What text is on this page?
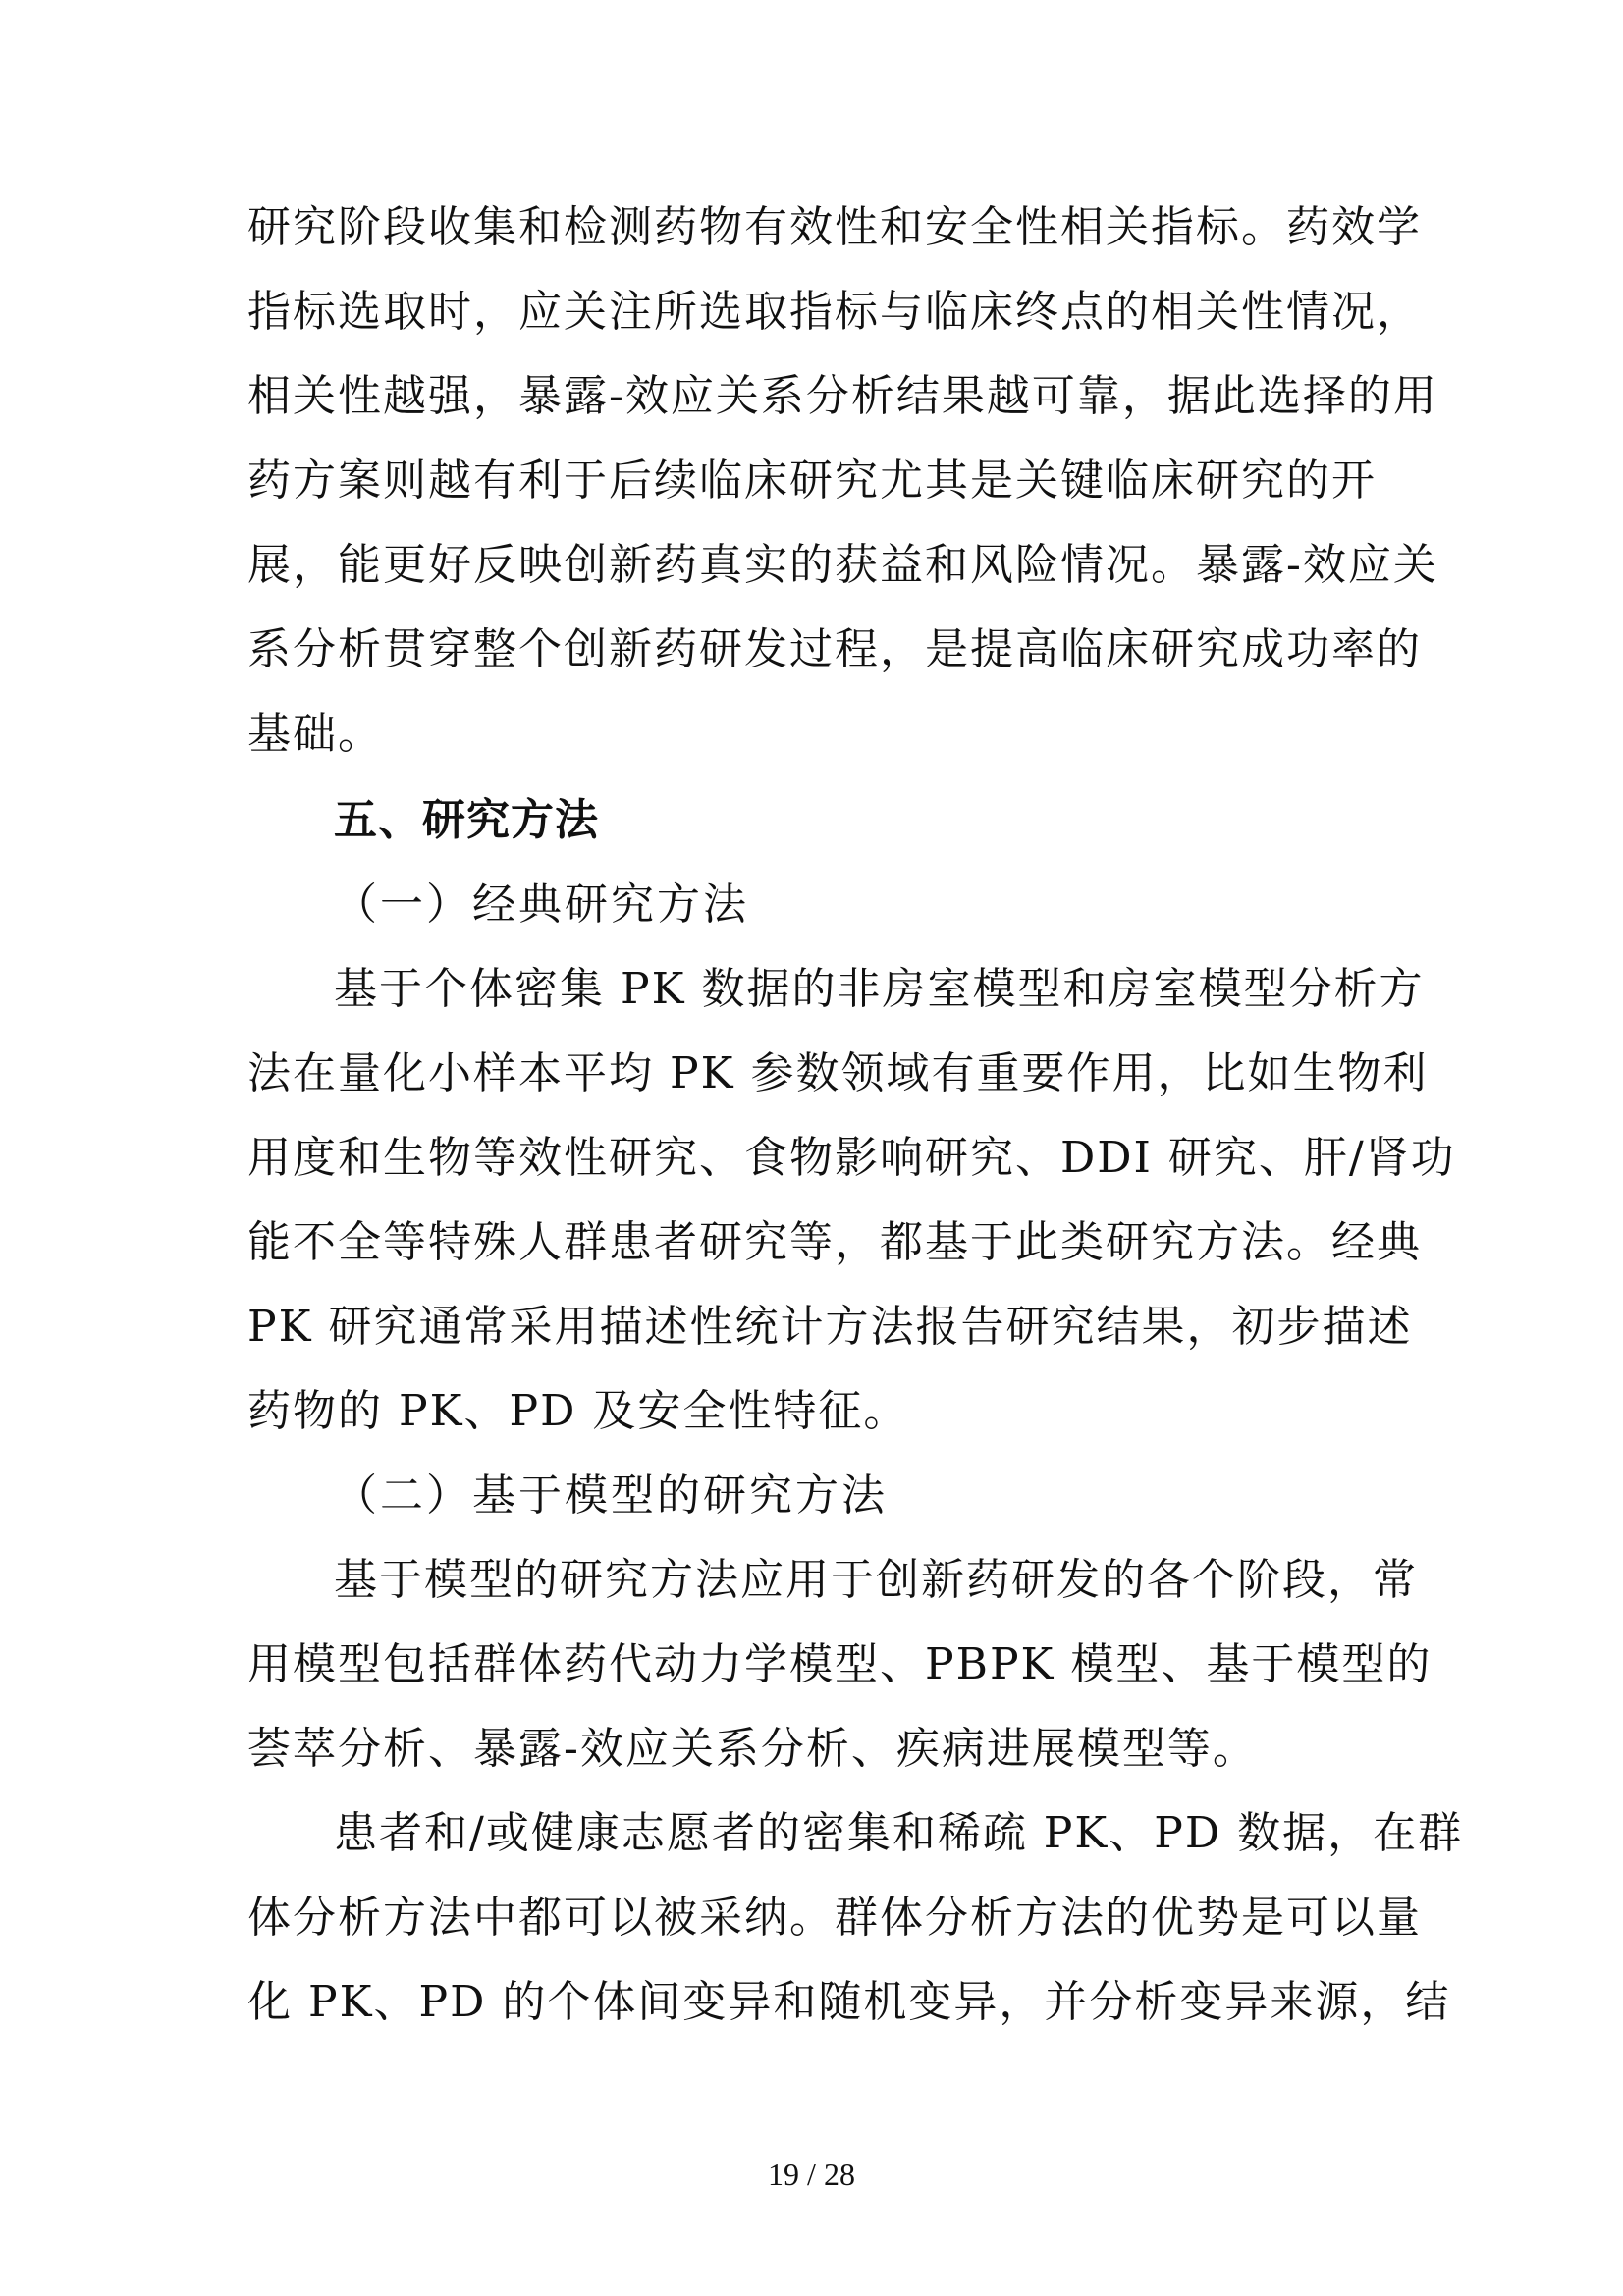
研究阶段收集和检测药物有效性和安全性相关指标。药效学
指标选取时，应关注所选取指标与临床终点的相关性情况，
相关性越强，暴露-效应关系分析结果越可靠，据此选择的用
药方案则越有利于后续临床研究尤其是关键临床研究的开
展，能更好反映创新药真实的获益和风险情况。暴露-效应关
系分析贯穿整个创新药研发过程，是提高临床研究成功率的
基础。
五、研究方法
（一）经典研究方法
基于个体密集 PK 数据的非房室模型和房室模型分析方
法在量化小样本平均 PK 参数领域有重要作用，比如生物利
用度和生物等效性研究、食物影响研究、DDI 研究、肝/肾功
能不全等特殊人群患者研究等，都基于此类研究方法。经典
PK 研究通常采用描述性统计方法报告研究结果，初步描述
药物的 PK、PD 及安全性特征。
（二）基于模型的研究方法
基于模型的研究方法应用于创新药研发的各个阶段，常
用模型包括群体药代动力学模型、PBPK 模型、基于模型的
荟萃分析、暴露-效应关系分析、疾病进展模型等。
患者和/或健康志愿者的密集和稀疏 PK、PD 数据，在群
体分析方法中都可以被采纳。群体分析方法的优势是可以量
化 PK、PD 的个体间变异和随机变异，并分析变异来源，结
19 / 28
